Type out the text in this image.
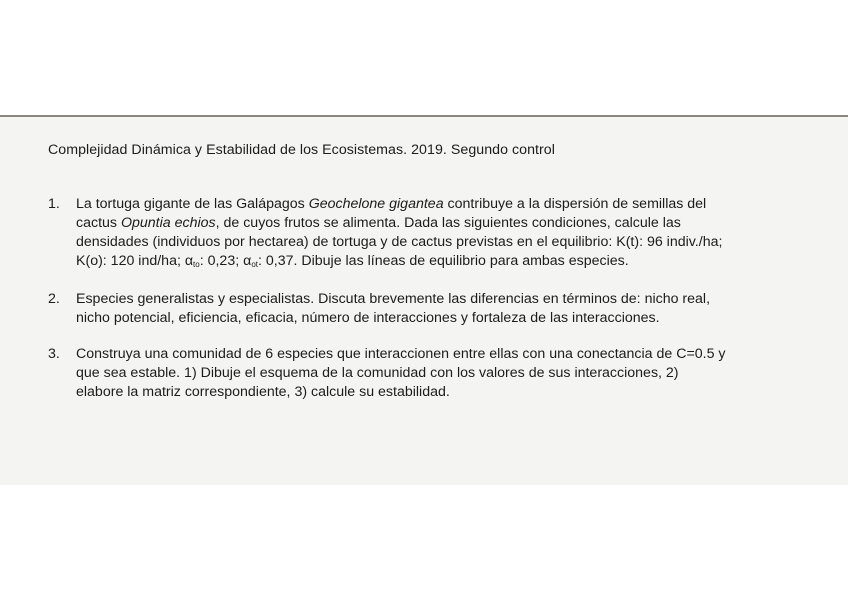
Complejidad Dinámica y Estabilidad de los Ecosistemas. 2019. Segundo control
1.	La tortuga gigante de las Galápagos Geochelone gigantea contribuye a la dispersión de semillas del
cactus Opuntia echios, de cuyos frutos se alimenta. Dada las siguientes condiciones, calcule las
densidades (individuos por hectarea) de tortuga y de cactus previstas en el equilibrio: K(t): 96 indiv./ha;
K(o): 120 ind/ha; $\alpha_{to}$: 0,23; $\alpha_{ot}$: 0,37. Dibuje las líneas de equilibrio para ambas especies.
2.	Especies generalistas y especialistas. Discuta brevemente las diferencias en términos de: nicho real,
nicho potencial, eficiencia, eficacia, número de interacciones y fortaleza de las interacciones.
3.	Construya una comunidad de 6 especies que interaccionen entre ellas con una conectancia de C=0.5 y
que sea estable. 1) Dibuje el esquema de la comunidad con los valores de sus interacciones, 2)
elabore la matriz correspondiente, 3) calcule su estabilidad.
